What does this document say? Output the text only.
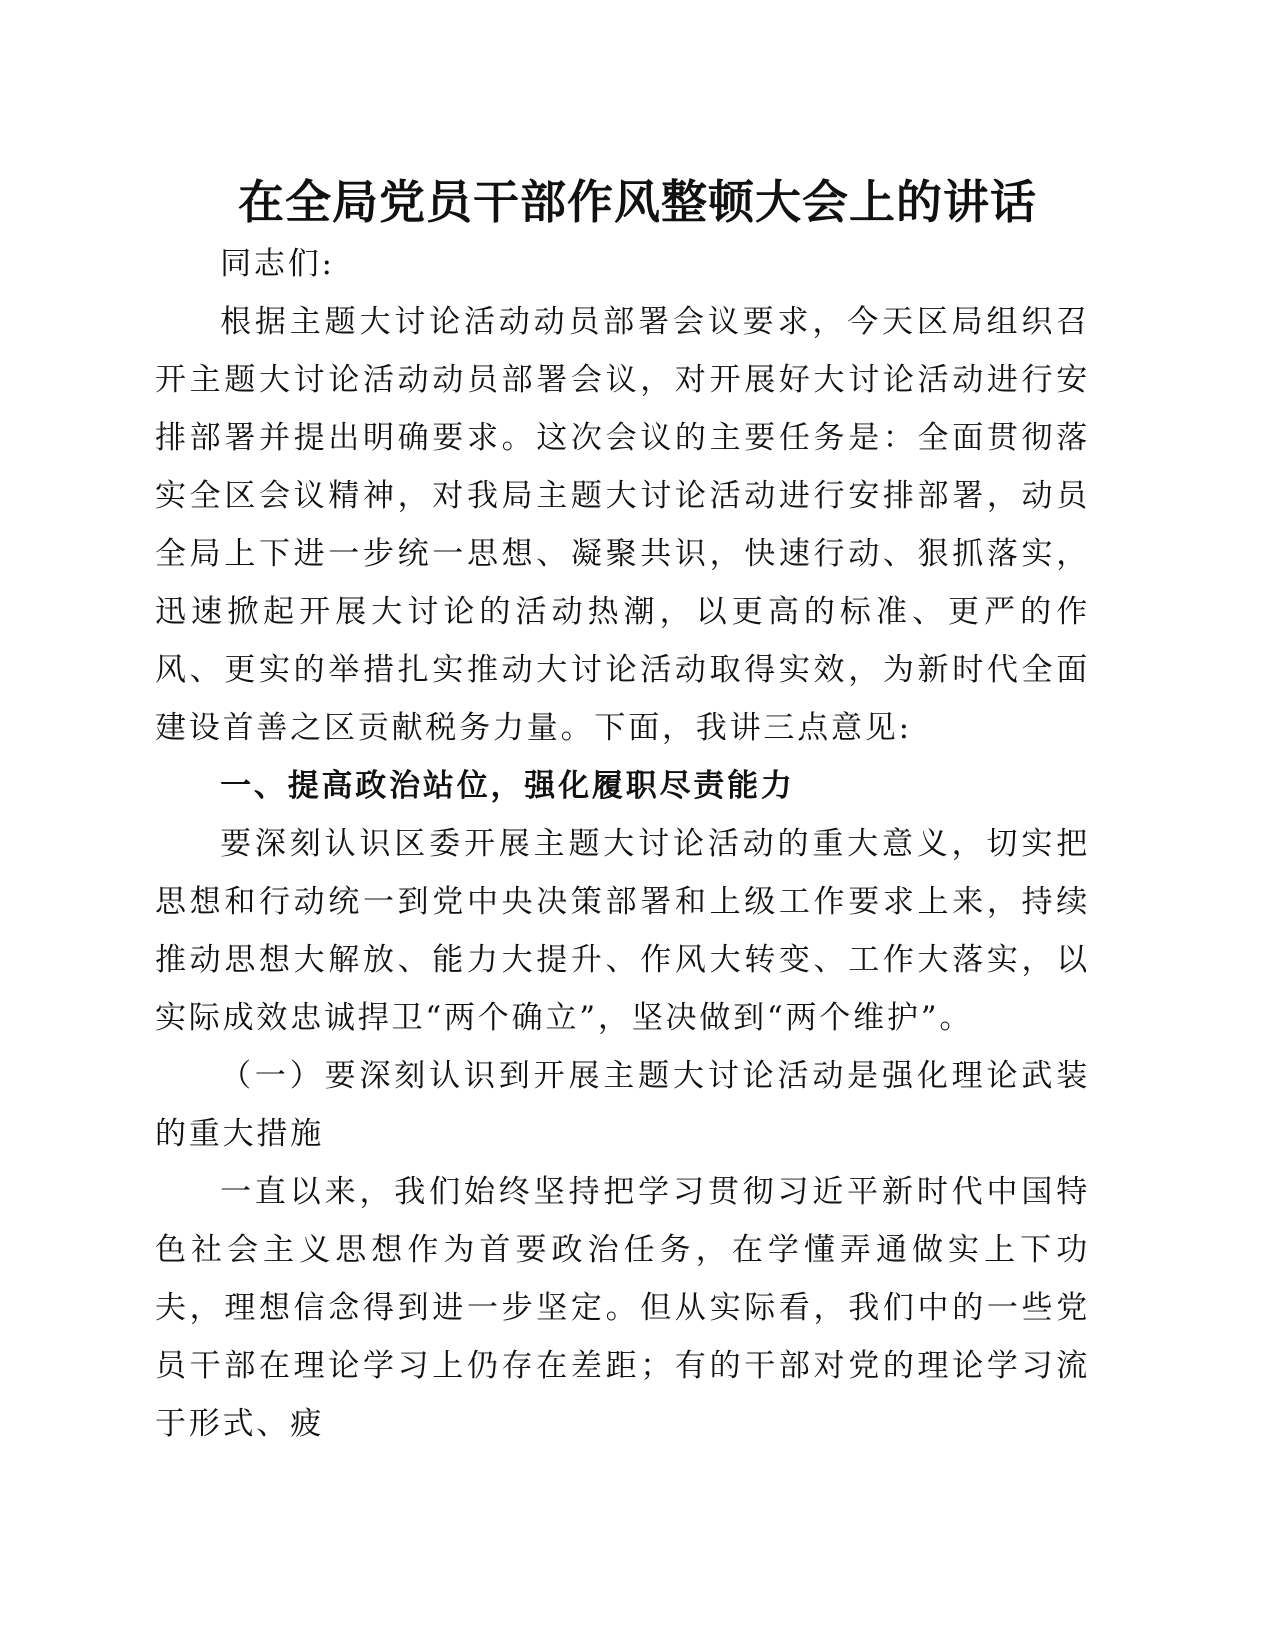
在全局党员干部作风整顿大会上的讲话

同志们:

根据主题大讨论活动动员部署会议要求，今天区局组织召开主题大讨论活动动员部署会议，对开展好大讨论活动进行安排部署并提出明确要求。这次会议的主要任务是：全面贯彻落实全区会议精神，对我局主题大讨论活动进行安排部署，动员全局上下进一步统一思想、凝聚共识，快速行动、狠抓落实，迅速掀起开展大讨论的活动热潮，以更高的标准、更严的作风、更实的举措扎实推动大讨论活动取得实效，为新时代全面建设首善之区贡献税务力量。下面，我讲三点意见:

一、提高政治站位，强化履职尽责能力

要深刻认识区委开展主题大讨论活动的重大意义，切实把思想和行动统一到党中央决策部署和上级工作要求上来，持续推动思想大解放、能力大提升、作风大转变、工作大落实，以实际成效忠诚捍卫“两个确立”，坚决做到“两个维护”。

（一）要深刻认识到开展主题大讨论活动是强化理论武装的重大措施

一直以来，我们始终坚持把学习贯彻习近平新时代中国特色社会主义思想作为首要政治任务，在学懂弄通做实上下功夫，理想信念得到进一步坚定。但从实际看，我们中的一些党员干部在理论学习上仍存在差距；有的干部对党的理论学习流于形式、疲
